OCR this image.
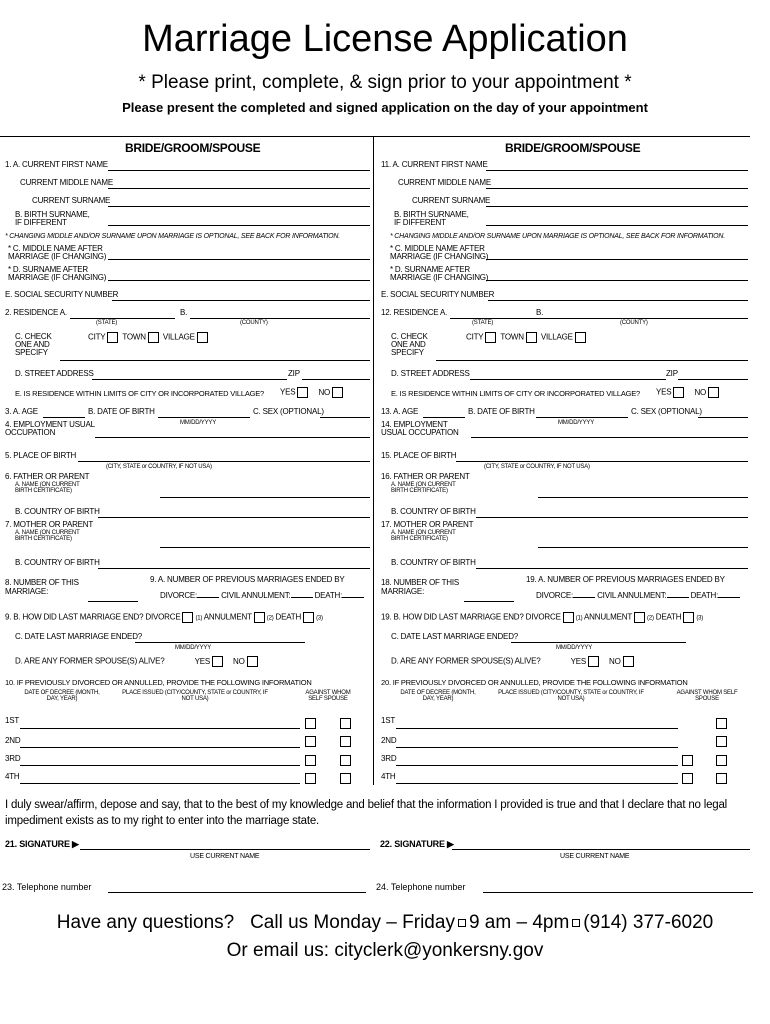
Marriage License Application
* Please print, complete, & sign prior to your appointment *
Please present the completed and signed application on the day of your appointment
BRIDE/GROOM/SPOUSE	BRIDE/GROOM/SPOUSE
1. A. CURRENT FIRST NAME
CURRENT MIDDLE NAME
CURRENT SURNAME
B. BIRTH SURNAME, IF DIFFERENT
* CHANGING MIDDLE AND/OR SURNAME UPON MARRIAGE IS OPTIONAL, SEE BACK FOR INFORMATION.
* C. MIDDLE NAME AFTER MARRIAGE (IF CHANGING)
* D. SURNAME AFTER MARRIAGE (IF CHANGING)
E. SOCIAL SECURITY NUMBER
2. RESIDENCE A.	B.
(STATE)	(COUNTY)
C. CHECK ONE AND SPECIFY
CITY TOWN VILLAGE
D. STREET ADDRESS	ZIP
E. IS RESIDENCE WITHIN LIMITS OF CITY OR INCORPORATED VILLAGE? YES	NO
3. A. AGE	B. DATE OF BIRTH	C. SEX (OPTIONAL)
MM/DD/YYYY
4. EMPLOYMENT USUAL OCCUPATION
5. PLACE OF BIRTH
(CITY, STATE or COUNTRY, IF NOT USA)
6. FATHER OR PARENT
A. NAME (ON CURRENT BIRTH CERTIFICATE)
B. COUNTRY OF BIRTH
7. MOTHER OR PARENT
A. NAME (ON CURRENT BIRTH CERTIFICATE)
B. COUNTRY OF BIRTH
8. NUMBER OF THIS MARRIAGE:
9. A. NUMBER OF PREVIOUS MARRIAGES ENDED BY
DIVORCE:	CIVIL ANNULMENT:	DEATH:
9. B. HOW DID LAST MARRIAGE END? DIVORCE	(1) ANNULMENT	(2) DEATH	(3)
C. DATE LAST MARRIAGE ENDED?
MM/DD/YYYY
D. ARE ANY FORMER SPOUSE(S) ALIVE?	YES	NO
10. IF PREVIOUSLY DIVORCED OR ANNULLED, PROVIDE THE FOLLOWING INFORMATION
DATE OF DECREE (MONTH, DAY, YEAR)
PLACE ISSUED (CITY/COUNTY, STATE or COUNTRY, IF NOT USA)
AGAINST WHOM SELF SPOUSE
1ST
2ND
3RD
4TH
11. A. CURRENT FIRST NAME
CURRENT MIDDLE NAME
CURRENT SURNAME
B. BIRTH SURNAME, IF DIFFERENT
* CHANGING MIDDLE AND/OR SURNAME UPON MARRIAGE IS OPTIONAL, SEE BACK FOR INFORMATION.
* C. MIDDLE NAME AFTER MARRIAGE (IF CHANGING)
* D. SURNAME AFTER MARRIAGE (IF CHANGING)
E. SOCIAL SECURITY NUMBER
12. RESIDENCE A.	B.
(STATE)	(COUNTY)
C. CHECK ONE AND SPECIFY
CITY TOWN VILLAGE
D. STREET ADDRESS	ZIP
E. IS RESIDENCE WITHIN LIMITS OF CITY OR INCORPORATED VILLAGE? YES	NO
13. A. AGE	B. DATE OF BIRTH	C. SEX (OPTIONAL)
MM/DD/YYYY
14. EMPLOYMENT USUAL OCCUPATION
15. PLACE OF BIRTH
(CITY, STATE or COUNTRY, IF NOT USA)
16. FATHER OR PARENT
A. NAME (ON CURRENT BIRTH CERTIFICATE)
B. COUNTRY OF BIRTH
17. MOTHER OR PARENT
A. NAME (ON CURRENT BIRTH CERTIFICATE)
B. COUNTRY OF BIRTH
18. NUMBER OF THIS MARRIAGE:
19. A. NUMBER OF PREVIOUS MARRIAGES ENDED BY
DIVORCE:	CIVIL ANNULMENT:	DEATH:
19. B. HOW DID LAST MARRIAGE END? DIVORCE	(1) ANNULMENT	(2) DEATH	(3)
C. DATE LAST MARRIAGE ENDED?
MM/DD/YYYY
D. ARE ANY FORMER SPOUSE(S) ALIVE?	YES	NO
20. IF PREVIOUSLY DIVORCED OR ANNULLED, PROVIDE THE FOLLOWING INFORMATION
DATE OF DECREE (MONTH, DAY, YEAR)
PLACE ISSUED (CITY/COUNTY, STATE or COUNTRY, IF NOT USA)
AGAINST WHOM SELF SPOUSE
1ST
2ND
3RD
4TH
I duly swear/affirm, depose and say, that to the best of my knowledge and belief that the information I provided is true and that I declare that no legal impediment exists as to my right to enter into the marriage state.
21. SIGNATURE ▶
USE CURRENT NAME
22. SIGNATURE ▶
USE CURRENT NAME
23. Telephone number	24. Telephone number
Have any questions? Call us Monday – Friday 9 am – 4pm (914) 377-6020
Or email us: cityclerk@yonkersny.gov
